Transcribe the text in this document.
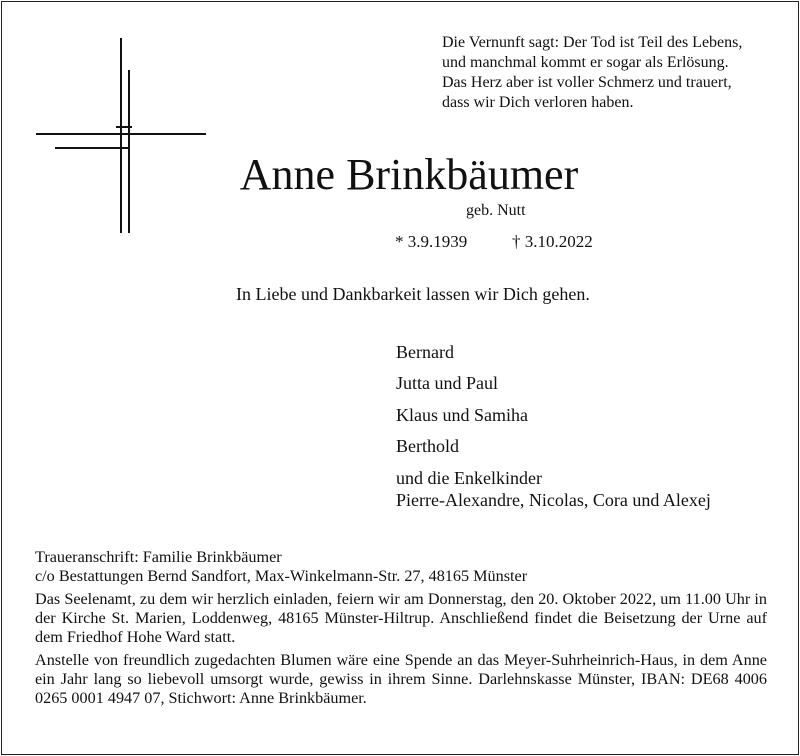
Die Vernunft sagt: Der Tod ist Teil des Lebens,
und manchmal kommt er sogar als Erlösung.
Das Herz aber ist voller Schmerz und trauert,
dass wir Dich verloren haben.
Anne Brinkbäumer
geb. Nutt
* 3.9.1939	† 3.10.2022
In Liebe und Dankbarkeit lassen wir Dich gehen.
Bernard
Jutta und Paul
Klaus und Samiha
Berthold
und die Enkelkinder
Pierre-Alexandre, Nicolas, Cora und Alexej

Traueranschrift: Familie Brinkbäumer

c/o Bestattungen Bernd Sandfort, Max-Winkelmann-Str. 27, 48165 Münster

Das Seelenamt, zu dem wir herzlich einladen, feiern wir am Donnerstag, den 20. Oktober 2022, um 11.00 Uhr in der Kirche St. Marien, Loddenweg, 48165 Münster-Hiltrup. Anschließend findet die Beisetzung der Urne auf dem Friedhof Hohe Ward statt.

Anstelle von freundlich zugedachten Blumen wäre eine Spende an das Meyer-Suhrheinrich-Haus, in dem Anne ein Jahr lang so liebevoll umsorgt wurde, gewiss in ihrem Sinne. Darlehnskasse Münster, IBAN: DE68 4006 0265 0001 4947 07, Stichwort: Anne Brinkbäumer.
